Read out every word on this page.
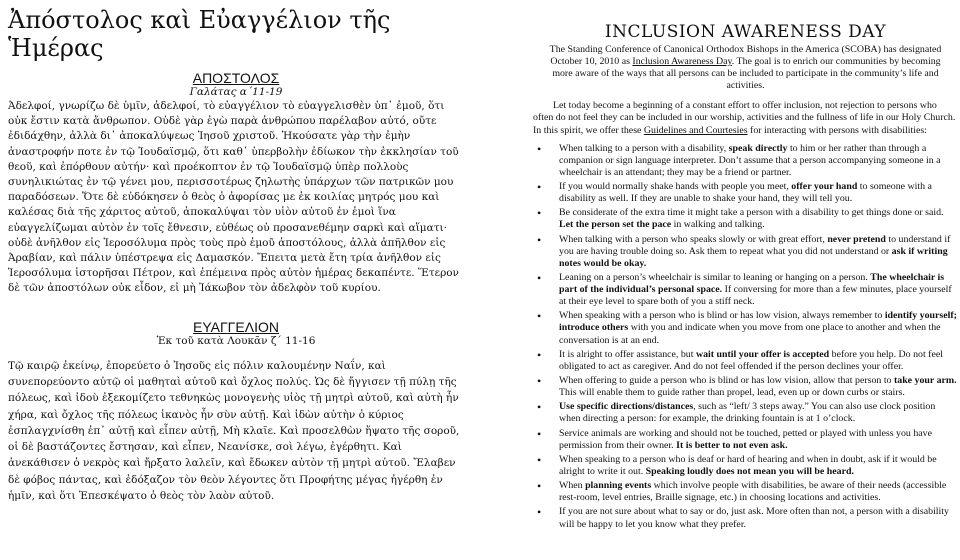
Ἀπόστολος καὶ Εὐαγγέλιον τῆς Ἡμέρας
ΑΠΟΣΤΟΛΟΣ
Γαλάτας α΄11-19

Ἀδελφοί, γνωρίζω δὲ ὑμῖν, ἀδελφοί, τὸ εὐαγγέλιον τὸ εὐαγγελισθὲν ὑπ᾽ ἐμοῦ, ὅτι οὐκ ἔστιν κατὰ ἄνθρωπον. Οὐδὲ γὰρ ἐγὼ παρὰ ἀνθρώπου παρέλαβον αὐτό, οὔτε ἐδιδάχθην, ἀλλὰ δι᾽ ἀποκαλύψεως Ἰησοῦ χριστοῦ. Ἠκούσατε γὰρ τὴν ἐμὴν ἀναστροφήν ποτε ἐν τῷ Ἰουδαϊσμῷ, ὅτι καθ᾽ ὑπερβολὴν ἐδίωκον τὴν ἐκκλησίαν τοῦ θεοῦ, καὶ ἐπόρθουν αὐτήν· καὶ προέκοπτον ἐν τῷ Ἰουδαϊσμῷ ὑπὲρ πολλοὺς συνηλικιώτας ἐν τῷ γένει μου, περισσοτέρως ζηλωτὴς ὑπάρχων τῶν πατρικῶν μου παραδόσεων. Ὅτε δὲ εὐδόκησεν ὁ θεὸς ὁ ἀφορίσας με ἐκ κοιλίας μητρός μου καὶ καλέσας διὰ τῆς χάριτος αὐτοῦ, ἀποκαλύψαι τὸν υἱὸν αὐτοῦ ἐν ἐμοὶ ἵνα εὐαγγελίζωμαι αὐτὸν ἐν τοῖς ἔθνεσιν, εὐθέως οὐ προσανεθέμην σαρκὶ καὶ αἵματι· οὐδὲ ἀνῆλθον εἰς Ἱεροσόλυμα πρὸς τοὺς πρὸ ἐμοῦ ἀποστόλους, ἀλλὰ ἀπῆλθον εἰς Ἀραβίαν, καὶ πάλιν ὑπέστρεψα εἰς Δαμασκόν. Ἔπειτα μετὰ ἔτη τρία ἀνῆλθον εἰς Ἱεροσόλυμα ἱστορῆσαι Πέτρον, καὶ ἐπέμεινα πρὸς αὐτὸν ἡμέρας δεκαπέντε. Ἕτερον δὲ τῶν ἀποστόλων οὐκ εἶδον, εἰ μὴ Ἰάκωβον τὸν ἀδελφὸν τοῦ κυρίου.

ΕΥΑΓΓΕΛΙΟΝ
Ἐκ τοῦ κατὰ Λουκᾶν ζ΄ 11-16

Τῷ καιρῷ ἐκείνῳ, ἐπορεύετο ὁ Ἰησοῦς εἰς πόλιν καλουμένην Ναΐν, καὶ συνεπορεύοντο αὐτῷ οἱ μαθηταὶ αὐτοῦ καὶ ὄχλος πολύς. Ὡς δὲ ἤγγισεν τῇ πύλῃ τῆς πόλεως, καὶ ἰδοὺ ἐξεκομίζετο τεθνηκὼς μονογενὴς υἱὸς τῇ μητρὶ αὐτοῦ, καὶ αὐτὴ ἦν χήρα, καὶ ὄχλος τῆς πόλεως ἱκανὸς ἦν σὺν αὐτῇ. Καὶ ἰδὼν αὐτὴν ὁ κύριος ἐσπλαγχνίσθη ἐπ᾽ αὐτῇ καὶ εἶπεν αὐτῇ, Μὴ κλαῖε. Καὶ προσελθὼν ἥψατο τῆς σοροῦ, οἱ δὲ βαστάζοντες ἔστησαν, καὶ εἶπεν, Νεανίσκε, σοὶ λέγω, ἐγέρθητι. Καὶ ἀνεκάθισεν ὁ νεκρὸς καὶ ἤρξατο λαλεῖν, καὶ ἔδωκεν αὐτὸν τῇ μητρὶ αὐτοῦ. Ἔλαβεν δὲ φόβος πάντας, καὶ ἐδόξαζον τὸν θεὸν λέγοντες ὅτι Προφήτης μέγας ἠγέρθη ἐν ἡμῖν, καὶ ὅτι Ἐπεσκέψατο ὁ θεὸς τὸν λαὸν αὐτοῦ.

INCLUSION AWARENESS DAY
The Standing Conference of Canonical Orthodox Bishops in the America (SCOBA) has designated October 10, 2010 as Inclusion Awareness Day. The goal is to enrich our communities by becoming more aware of the ways that all persons can be included to participate in the community’s life and activities.

Let today become a beginning of a constant effort to offer inclusion, not rejection to persons who often do not feel they can be included in our worship, activities and the fullness of life in our Holy Church. In this spirit, we offer these Guidelines and Courtesies for interacting with persons with disabilities:

• When talking to a person with a disability, speak directly to him or her rather than through a companion or sign language interpreter. Don’t assume that a person accompanying someone in a wheelchair is an attendant; they may be a friend or partner.
• If you would normally shake hands with people you meet, offer your hand to someone with a disability as well. If they are unable to shake your hand, they will tell you.
• Be considerate of the extra time it might take a person with a disability to get things done or said. Let the person set the pace in walking and talking.
• When talking with a person who speaks slowly or with great effort, never pretend to understand if you are having trouble doing so. Ask them to repeat what you did not understand or ask if writing notes would be okay.
• Leaning on a person’s wheelchair is similar to leaning or hanging on a person. The wheelchair is part of the individual’s personal space. If conversing for more than a few minutes, place yourself at their eye level to spare both of you a stiff neck.
• When speaking with a person who is blind or has low vision, always remember to identify yourself; introduce others with you and indicate when you move from one place to another and when the conversation is at an end.
• It is alright to offer assistance, but wait until your offer is accepted before you help. Do not feel obligated to act as caregiver. And do not feel offended if the person declines your offer.
• When offering to guide a person who is blind or has low vision, allow that person to take your arm. This will enable them to guide rather than propel, lead, even up or down curbs or stairs.
• Use specific directions/distances, such as “left/ 3 steps away.” You can also use clock position when directing a person: for example, the drinking fountain is at 1 o’clock.
• Service animals are working and should not be touched, petted or played with unless you have permission from their owner. It is better to not even ask.
• When speaking to a person who is deaf or hard of hearing and when in doubt, ask if it would be alright to write it out. Speaking loudly does not mean you will be heard.
• When planning events which involve people with disabilities, be aware of their needs (accessible rest-room, level entries, Braille signage, etc.) in choosing locations and activities.
• If you are not sure about what to say or do, just ask. More often than not, a person with a disability will be happy to let you know what they prefer.
